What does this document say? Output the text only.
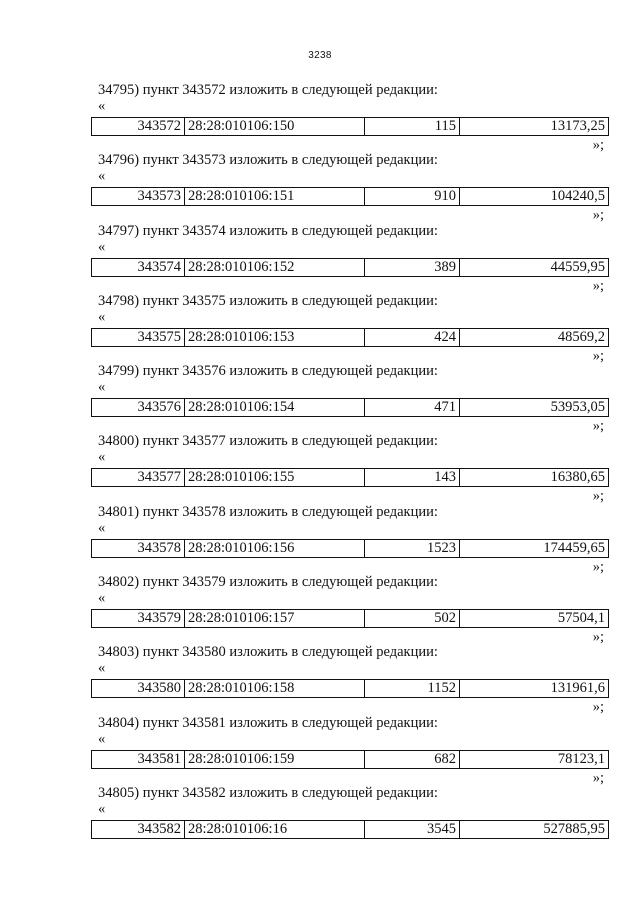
3238
34795) пункт 343572 изложить в следующей редакции:
«
343572 28:28:010106:150	115	13173,25
»;
34796) пункт 343573 изложить в следующей редакции:
«
343573 28:28:010106:151	910	104240,5
»;
34797) пункт 343574 изложить в следующей редакции:
«
343574 28:28:010106:152	389	44559,95
»;
34798) пункт 343575 изложить в следующей редакции:
«
343575 28:28:010106:153	424	48569,2
»;
34799) пункт 343576 изложить в следующей редакции:
«
343576 28:28:010106:154	471	53953,05
»;
34800) пункт 343577 изложить в следующей редакции:
«
343577 28:28:010106:155	143	16380,65
»;
34801) пункт 343578 изложить в следующей редакции:
«
343578 28:28:010106:156	1523	174459,65
»;
34802) пункт 343579 изложить в следующей редакции:
«
343579 28:28:010106:157	502	57504,1
»;
34803) пункт 343580 изложить в следующей редакции:
«
343580 28:28:010106:158	1152	131961,6
»;
34804) пункт 343581 изложить в следующей редакции:
«
343581 28:28:010106:159	682	78123,1
»;
34805) пункт 343582 изложить в следующей редакции:
«
343582 28:28:010106:16	3545	527885,95
